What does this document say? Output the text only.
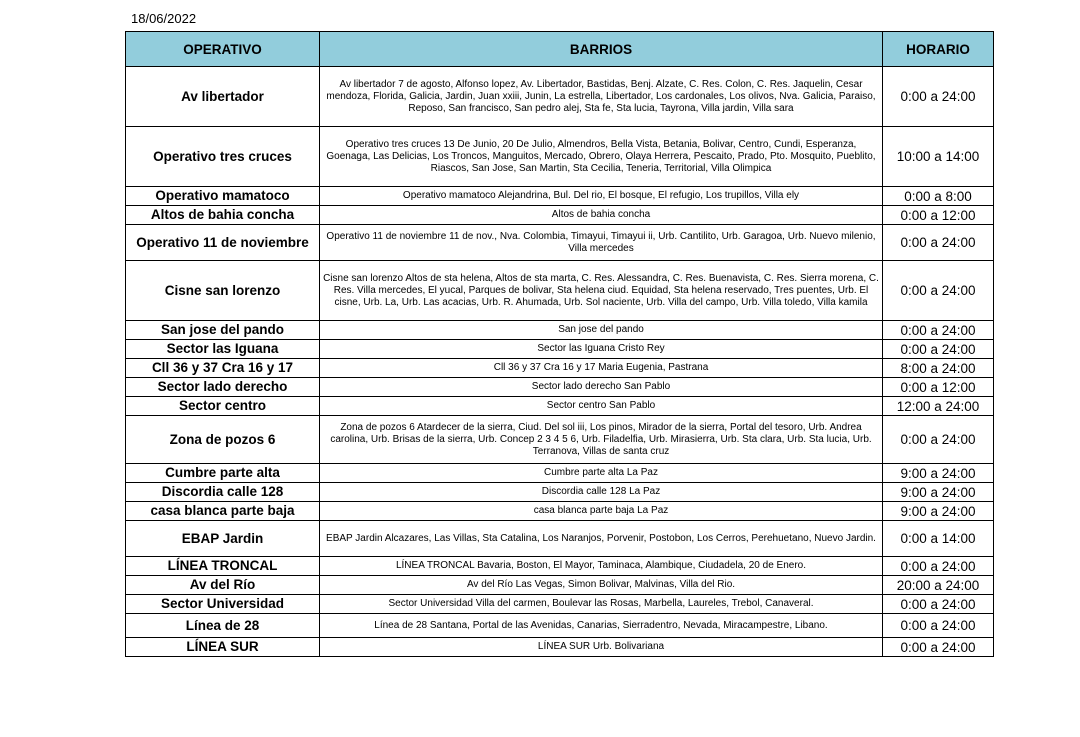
18/06/2022
OPERATIVO	BARRIOS	HORARIO
Av libertador	Av libertador 7 de agosto, Alfonso lopez, Av. Libertador, Bastidas, Benj. Alzate, C. Res. Colon, C. Res. Jaquelin, Cesar mendoza, Florida, Galicia, Jardin, Juan xxiii, Junin, La estrella, Libertador, Los cardonales, Los olivos, Nva. Galicia, Paraiso, Reposo, San francisco, San pedro alej, Sta fe, Sta lucia, Tayrona, Villa jardin, Villa sara	0:00 a 24:00
Operativo tres cruces	Operativo tres cruces 13 De Junio, 20 De Julio, Almendros, Bella Vista, Betania, Bolivar, Centro, Cundi, Esperanza, Goenaga, Las Delicias, Los Troncos, Manguitos, Mercado, Obrero, Olaya Herrera, Pescaito, Prado, Pto. Mosquito, Pueblito, Riascos, San Jose, San Martin, Sta Cecilia, Teneria, Territorial, Villa Olimpica	10:00 a 14:00
Operativo mamatoco	Operativo mamatoco Alejandrina, Bul. Del rio, El bosque, El refugio, Los trupillos, Villa ely	0:00 a 8:00
Altos de bahia concha	Altos de bahia concha	0:00 a 12:00
Operativo 11 de noviembre	Operativo 11 de noviembre 11 de nov., Nva. Colombia, Timayui, Timayui ii, Urb. Cantilito, Urb. Garagoa, Urb. Nuevo milenio, Villa mercedes	0:00 a 24:00
Cisne san lorenzo	Cisne san lorenzo Altos de sta helena, Altos de sta marta, C. Res. Alessandra, C. Res. Buenavista, C. Res. Sierra morena, C. Res. Villa mercedes, El yucal, Parques de bolivar, Sta helena ciud. Equidad, Sta helena reservado, Tres puentes, Urb. El cisne, Urb. La, Urb. Las acacias, Urb. R. Ahumada, Urb. Sol naciente, Urb. Villa del campo, Urb. Villa toledo, Villa kamila	0:00 a 24:00
San jose del pando	San jose del pando	0:00 a 24:00
Sector las Iguana	Sector las Iguana Cristo Rey	0:00 a 24:00
Cll 36 y 37 Cra 16 y 17	Cll 36 y 37 Cra 16 y 17 Maria Eugenia, Pastrana	8:00 a 24:00
Sector lado derecho	Sector lado derecho San Pablo	0:00 a 12:00
Sector centro	Sector centro San Pablo	12:00 a 24:00
Zona de pozos 6	Zona de pozos 6 Atardecer de la sierra, Ciud. Del sol iii, Los pinos, Mirador de la sierra, Portal del tesoro, Urb. Andrea carolina, Urb. Brisas de la sierra, Urb. Concep 2 3 4 5 6, Urb. Filadelfia, Urb. Mirasierra, Urb. Sta clara, Urb. Sta lucia, Urb. Terranova, Villas de santa cruz	0:00 a 24:00
Cumbre parte alta	Cumbre parte alta La Paz	9:00 a 24:00
Discordia calle 128	Discordia calle 128 La Paz	9:00 a 24:00
casa blanca parte baja	casa blanca parte baja La Paz	9:00 a 24:00
EBAP Jardin	EBAP Jardin Alcazares, Las Villas, Sta Catalina, Los Naranjos, Porvenir, Postobon, Los Cerros, Perehuetano, Nuevo Jardin.	0:00 a 14:00
LÍNEA TRONCAL	LÍNEA TRONCAL Bavaria, Boston, El Mayor, Taminaca, Alambique, Ciudadela, 20 de Enero.	0:00 a 24:00
Av del Río	Av del Río Las Vegas, Simon Bolivar, Malvinas, Villa del Rio.	20:00 a 24:00
Sector Universidad	Sector Universidad Villa del carmen, Boulevar las Rosas, Marbella, Laureles, Trebol, Canaveral.	0:00 a 24:00
Línea de 28	Línea de 28 Santana, Portal de las Avenidas, Canarias, Sierradentro, Nevada, Miracampestre, Libano.	0:00 a 24:00
LÍNEA SUR	LÍNEA SUR Urb. Bolivariana	0:00 a 24:00
